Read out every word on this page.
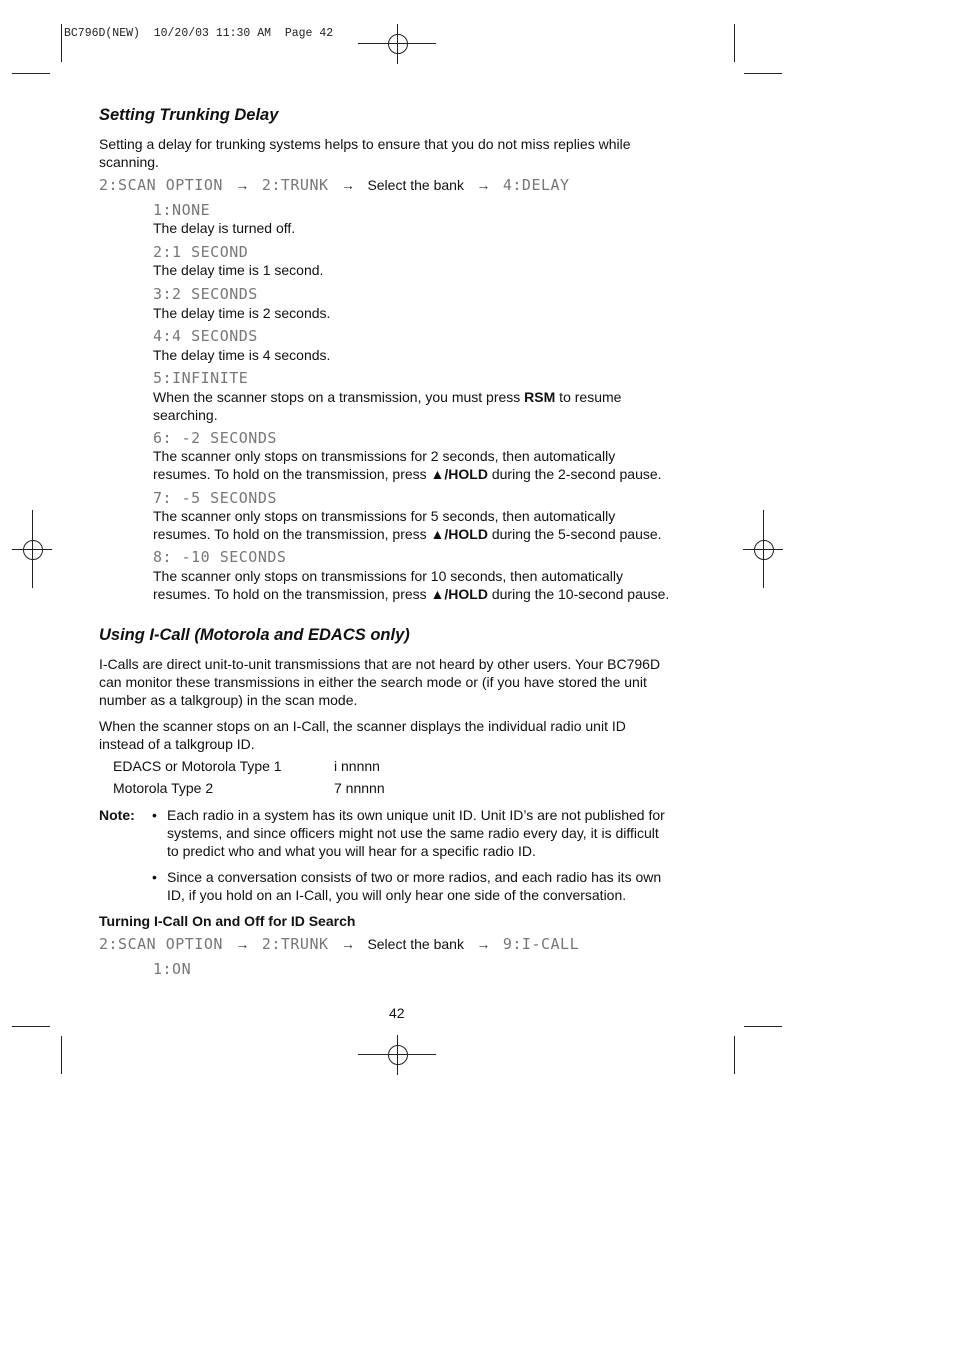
BC796D(NEW)  10/20/03 11:30 AM  Page 42
Setting Trunking Delay
Setting a delay for trunking systems helps to ensure that you do not miss replies while
scanning.
2:SCAN OPTION → 2:TRUNK → Select the bank → 4:DELAY
1:NONE
The delay is turned off.
2:1 SECOND
The delay time is 1 second.
3:2 SECONDS
The delay time is 2 seconds.
4:4 SECONDS
The delay time is 4 seconds.
5:INFINITE
When the scanner stops on a transmission, you must press RSM to resume
searching.
6: -2 SECONDS
The scanner only stops on transmissions for 2 seconds, then automatically
resumes. To hold on the transmission, press ▲/HOLD during the 2-second pause.
7: -5 SECONDS
The scanner only stops on transmissions for 5 seconds, then automatically
resumes. To hold on the transmission, press ▲/HOLD during the 5-second pause.
8: -10 SECONDS
The scanner only stops on transmissions for 10 seconds, then automatically
resumes. To hold on the transmission, press ▲/HOLD during the 10-second pause.
Using I-Call (Motorola and EDACS only)
I-Calls are direct unit-to-unit transmissions that are not heard by other users. Your BC796D
can monitor these transmissions in either the search mode or (if you have stored the unit
number as a talkgroup) in the scan mode.
When the scanner stops on an I-Call, the scanner displays the individual radio unit ID
instead of a talkgroup ID.
EDACS or Motorola Type 1	i nnnnn
Motorola Type 2	7 nnnnn
Note: • Each radio in a system has its own unique unit ID. Unit ID’s are not published for
systems, and since officers might not use the same radio every day, it is difficult
to predict who and what you will hear for a specific radio ID.
• Since a conversation consists of two or more radios, and each radio has its own
ID, if you hold on an I-Call, you will only hear one side of the conversation.
Turning I-Call On and Off for ID Search
2:SCAN OPTION → 2:TRUNK → Select the bank → 9:I-CALL
1:ON
42
